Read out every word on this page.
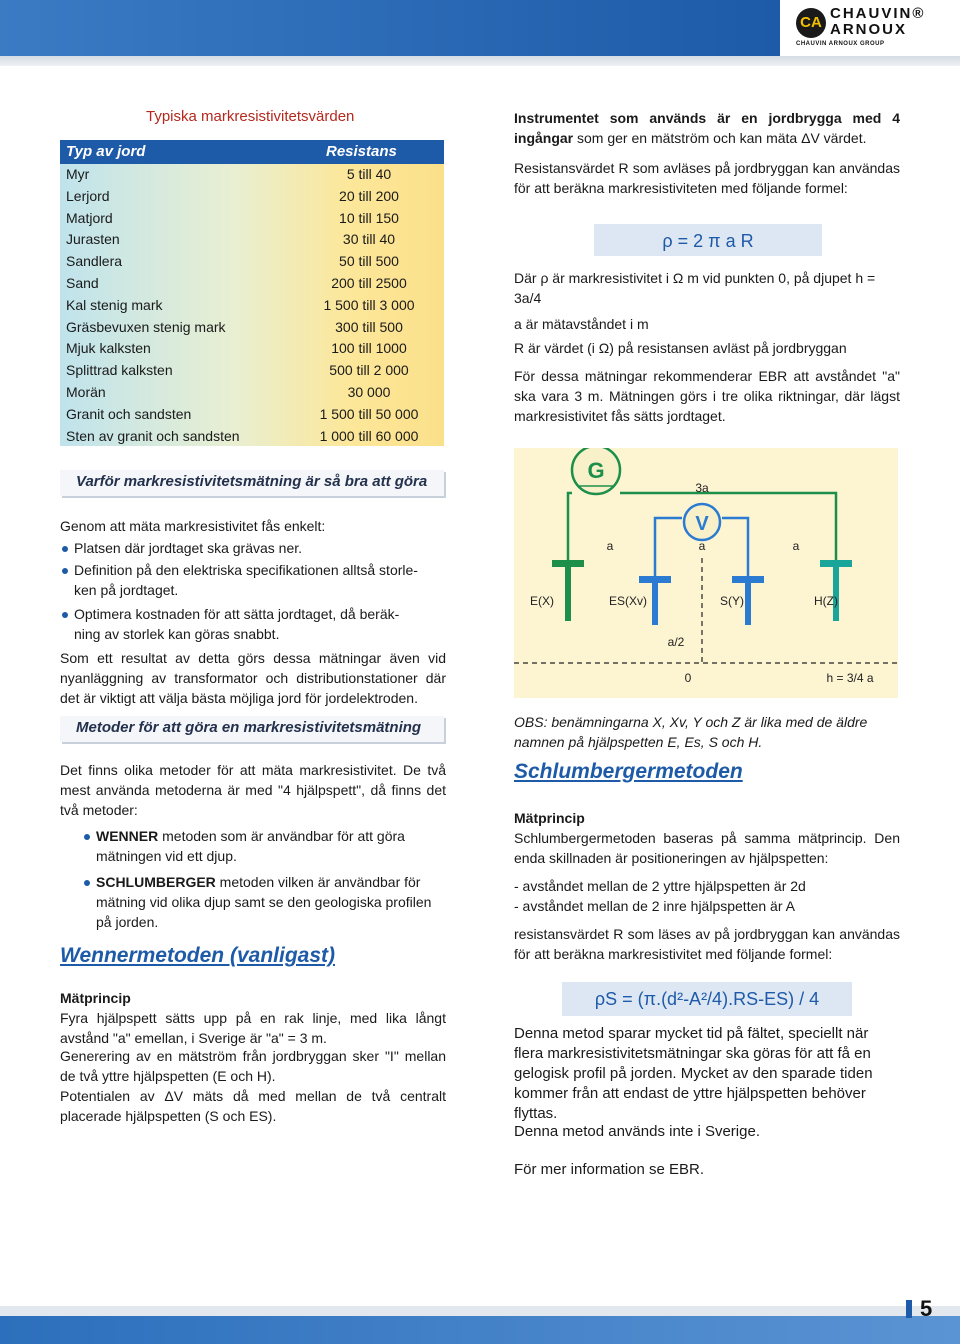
CA
CHAUVIN®
ARNOUX
CHAUVIN ARNOUX GROUP
Typiska markresistivitetsvärden
Typ av jord	Resistans
Myr	5 till 40
Lerjord	20 till 200
Matjord	10 till 150
Jurasten	30 till 40
Sandlera	50 till 500
Sand	200 till 2500
Kal stenig mark	1 500 till 3 000
Gräsbevuxen stenig mark	300 till 500
Mjuk kalksten	100 till 1000
Splittrad kalksten	500 till 2 000
Morän	30 000
Granit och sandsten	1 500 till 50 000
Sten av granit och sandsten	1 000 till 60 000
Varför markresistivitetsmätning är så bra att göra

Genom att mäta markresistivitet fås enkelt:

Platsen där jordtaget ska grävas ner.
Definition på den elektriska specifikationen alltså storle-
ken på jordtaget.
Optimera kostnaden för att sätta jordtaget, då beräk-
ning av storlek kan göras snabbt.

Som ett resultat av detta görs dessa mätningar även vid nyanläggning av transformator och distributionstationer där det är viktigt att välja bästa möjliga jord för jordelektroden.

Metoder för att göra en markresistivitetsmätning

Det finns olika metoder för att mäta markresistivitet. De två mest använda metoderna är med "4 hjälpspett", då finns det två metoder:

WENNER metoden som är användbar för att göra mätningen vid ett djup.

SCHLUMBERGER metoden vilken är användbar för mätning vid olika djup samt se den geologiska profilen på jorden.

Wennermetoden (vanligast)
Mätprincip

Fyra hjälpspett sätts upp på en rak linje, med lika långt avstånd "a" emellan, i Sverige är "a" = 3 m.

Generering av en mätström från jordbryggan sker "I" mellan de två yttre hjälpspetten (E och H).

Potentialen av ΔV mäts då med mellan de två centralt placerade hjälpspetten (S och ES).

Instrumentet som används är en jordbrygga med 4 ingångar som ger en mätström och kan mäta ΔV värdet.

Resistansvärdet R som avläses på jordbryggan kan användas för att beräkna markresistiviteten med följande formel:

ρ = 2 π a R

Där ρ är markresistivitet i Ω m vid punkten 0, på djupet h = 3a/4

a är mätavståndet i m

R är värdet (i Ω) på resistansen avläst på jordbryggan

För dessa mätningar rekommenderar EBR att avståndet "a" ska vara 3 m. Mätningen görs i tre olika riktningar, där lägst markresistivitet fås sätts jordtaget.

G
3a
V
a	a	a
E(X)	ES(Xv)	S(Y)	H(Z)
a/2
0	h = 3/4 a

OBS: benämningarna X, Xv, Y och Z är lika med de äldre namnen på hjälpspetten E, Es, S och H.

Schlumbergermetoden
Mätprincip

Schlumbergermetoden baseras på samma mätprincip. Den enda skillnaden är positioneringen av hjälpspetten:

- avståndet mellan de 2 yttre hjälpspetten är 2d

- avståndet mellan de 2 inre hjälpspetten är A

resistansvärdet R som läses av på jordbryggan kan användas för att beräkna markresistivitet med följande formel:

ρS = (π.(d²-A²/4).RS-ES) / 4

Denna metod sparar mycket tid på fältet, speciellt när flera markresistivitetsmätningar ska göras för att få en gelogisk profil på jorden. Mycket av den sparade tiden kommer från att endast de yttre hjälpspetten behöver flyttas.

Denna metod används inte i Sverige.

För mer information se EBR.

5
